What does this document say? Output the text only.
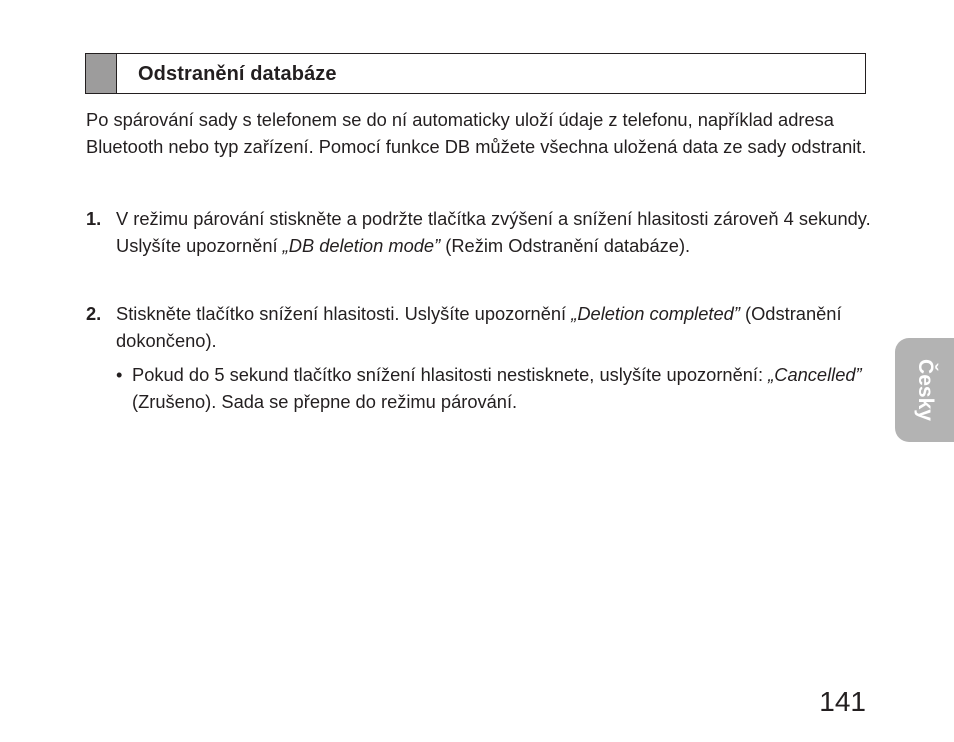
Odstranění databáze

Po spárování sady s telefonem se do ní automaticky uloží údaje z telefonu, například adresa Bluetooth nebo typ zařízení. Pomocí funkce DB můžete všechna uložená data ze sady odstranit.

1. V režimu párování stiskněte a podržte tlačítka zvýšení a snížení hlasitosti zároveň 4 sekundy. Uslyšíte upozornění „DB deletion mode” (Režim Odstranění databáze).
2. Stiskněte tlačítko snížení hlasitosti. Uslyšíte upozornění „Deletion completed” (Odstranění dokončeno).
• Pokud do 5 sekund tlačítko snížení hlasitosti nestisknete, uslyšíte upozornění: „Cancelled” (Zrušeno). Sada se přepne do režimu párování.	Česky
141
